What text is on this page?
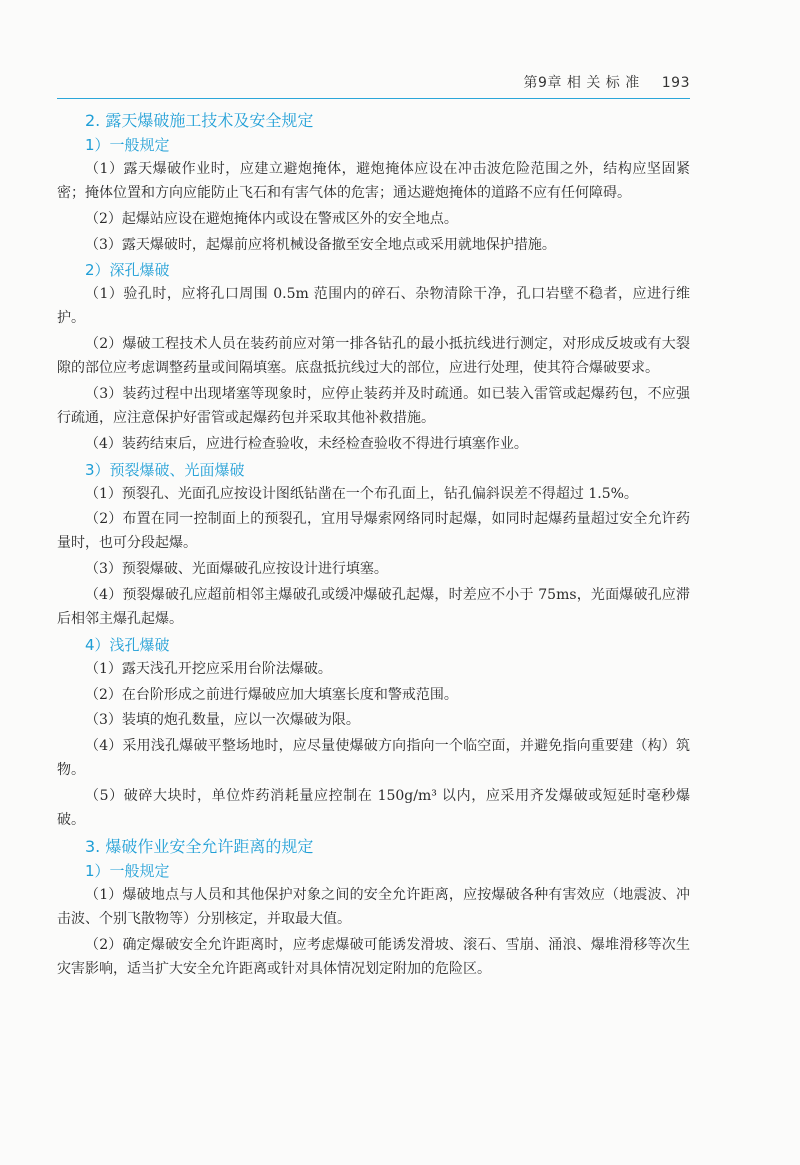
第9章 相 关 标 准 193
2. 露天爆破施工技术及安全规定
1）一般规定
（1）露天爆破作业时，应建立避炮掩体，避炮掩体应设在冲击波危险范围之外，结构应坚固紧密；掩体位置和方向应能防止飞石和有害气体的危害；通达避炮掩体的道路不应有任何障碍。
（2）起爆站应设在避炮掩体内或设在警戒区外的安全地点。
（3）露天爆破时，起爆前应将机械设备撤至安全地点或采用就地保护措施。
2）深孔爆破
（1）验孔时，应将孔口周围 0.5m 范围内的碎石、杂物清除干净，孔口岩壁不稳者，应进行维护。
（2）爆破工程技术人员在装药前应对第一排各钻孔的最小抵抗线进行测定，对形成反坡或有大裂隙的部位应考虑调整药量或间隔填塞。底盘抵抗线过大的部位，应进行处理，使其符合爆破要求。
（3）装药过程中出现堵塞等现象时，应停止装药并及时疏通。如已装入雷管或起爆药包，不应强行疏通，应注意保护好雷管或起爆药包并采取其他补救措施。
（4）装药结束后，应进行检查验收，未经检查验收不得进行填塞作业。
3）预裂爆破、光面爆破
（1）预裂孔、光面孔应按设计图纸钻凿在一个布孔面上，钻孔偏斜误差不得超过 1.5%。
（2）布置在同一控制面上的预裂孔，宜用导爆索网络同时起爆，如同时起爆药量超过安全允许药量时，也可分段起爆。
（3）预裂爆破、光面爆破孔应按设计进行填塞。
（4）预裂爆破孔应超前相邻主爆破孔或缓冲爆破孔起爆，时差应不小于 75ms，光面爆破孔应滞后相邻主爆孔起爆。
4）浅孔爆破
（1）露天浅孔开挖应采用台阶法爆破。
（2）在台阶形成之前进行爆破应加大填塞长度和警戒范围。
（3）装填的炮孔数量，应以一次爆破为限。
（4）采用浅孔爆破平整场地时，应尽量使爆破方向指向一个临空面，并避免指向重要建（构）筑物。
（5）破碎大块时，单位炸药消耗量应控制在 150g/m³ 以内，应采用齐发爆破或短延时毫秒爆破。
3. 爆破作业安全允许距离的规定
1）一般规定
（1）爆破地点与人员和其他保护对象之间的安全允许距离，应按爆破各种有害效应（地震波、冲击波、个别飞散物等）分别核定，并取最大值。
（2）确定爆破安全允许距离时，应考虑爆破可能诱发滑坡、滚石、雪崩、涌浪、爆堆滑移等次生灾害影响，适当扩大安全允许距离或针对具体情况划定附加的危险区。
